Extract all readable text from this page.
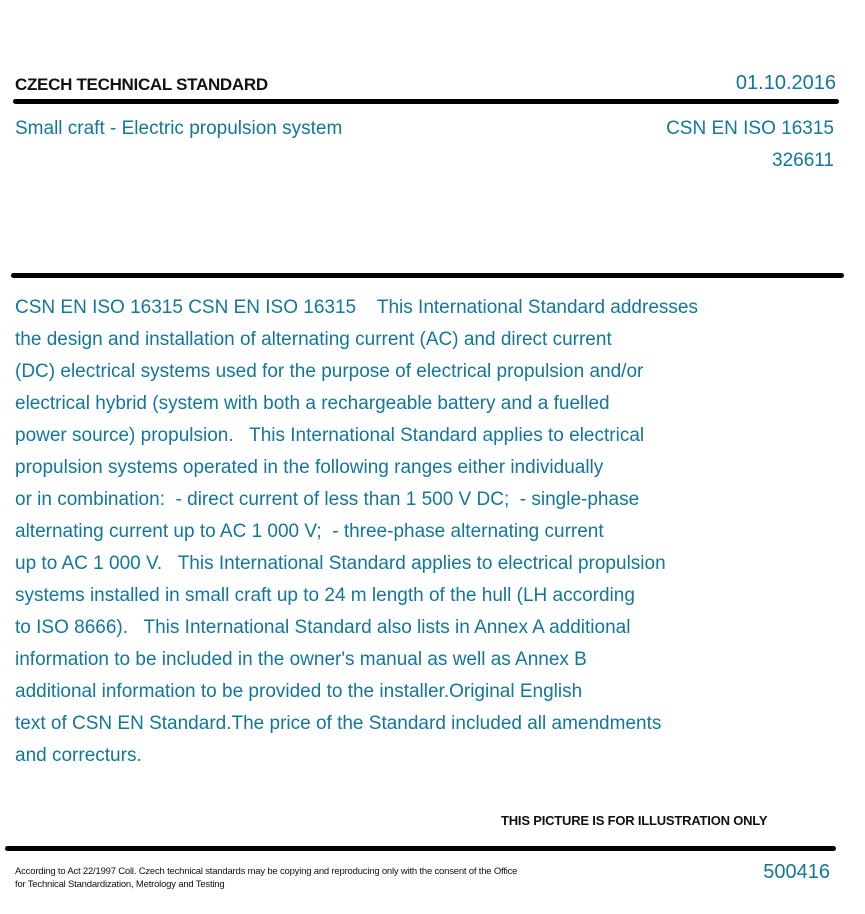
CZECH TECHNICAL STANDARD	01.10.2016
Small craft - Electric propulsion system	CSN EN ISO 16315
326611
CSN EN ISO 16315 CSN EN ISO 16315    This International Standard addresses
the design and installation of alternating current (AC) and direct current
(DC) electrical systems used for the purpose of electrical propulsion and/or
electrical hybrid (system with both a rechargeable battery and a fuelled
power source) propulsion.   This International Standard applies to electrical
propulsion systems operated in the following ranges either individually
or in combination:  - direct current of less than 1 500 V DC;  - single-phase
alternating current up to AC 1 000 V;  - three-phase alternating current
up to AC 1 000 V.   This International Standard applies to electrical propulsion
systems installed in small craft up to 24 m length of the hull (LH according
to ISO 8666).   This International Standard also lists in Annex A additional
information to be included in the owner's manual as well as Annex B
additional information to be provided to the installer.Original English
text of CSN EN Standard.The price of the Standard included all amendments
and correcturs.
THIS PICTURE IS FOR ILLUSTRATION ONLY
According to Act 22/1997 Coll. Czech technical standards may be copying and reproducing only with the consent of the Office
for Technical Standardization, Metrology and Testing
500416
